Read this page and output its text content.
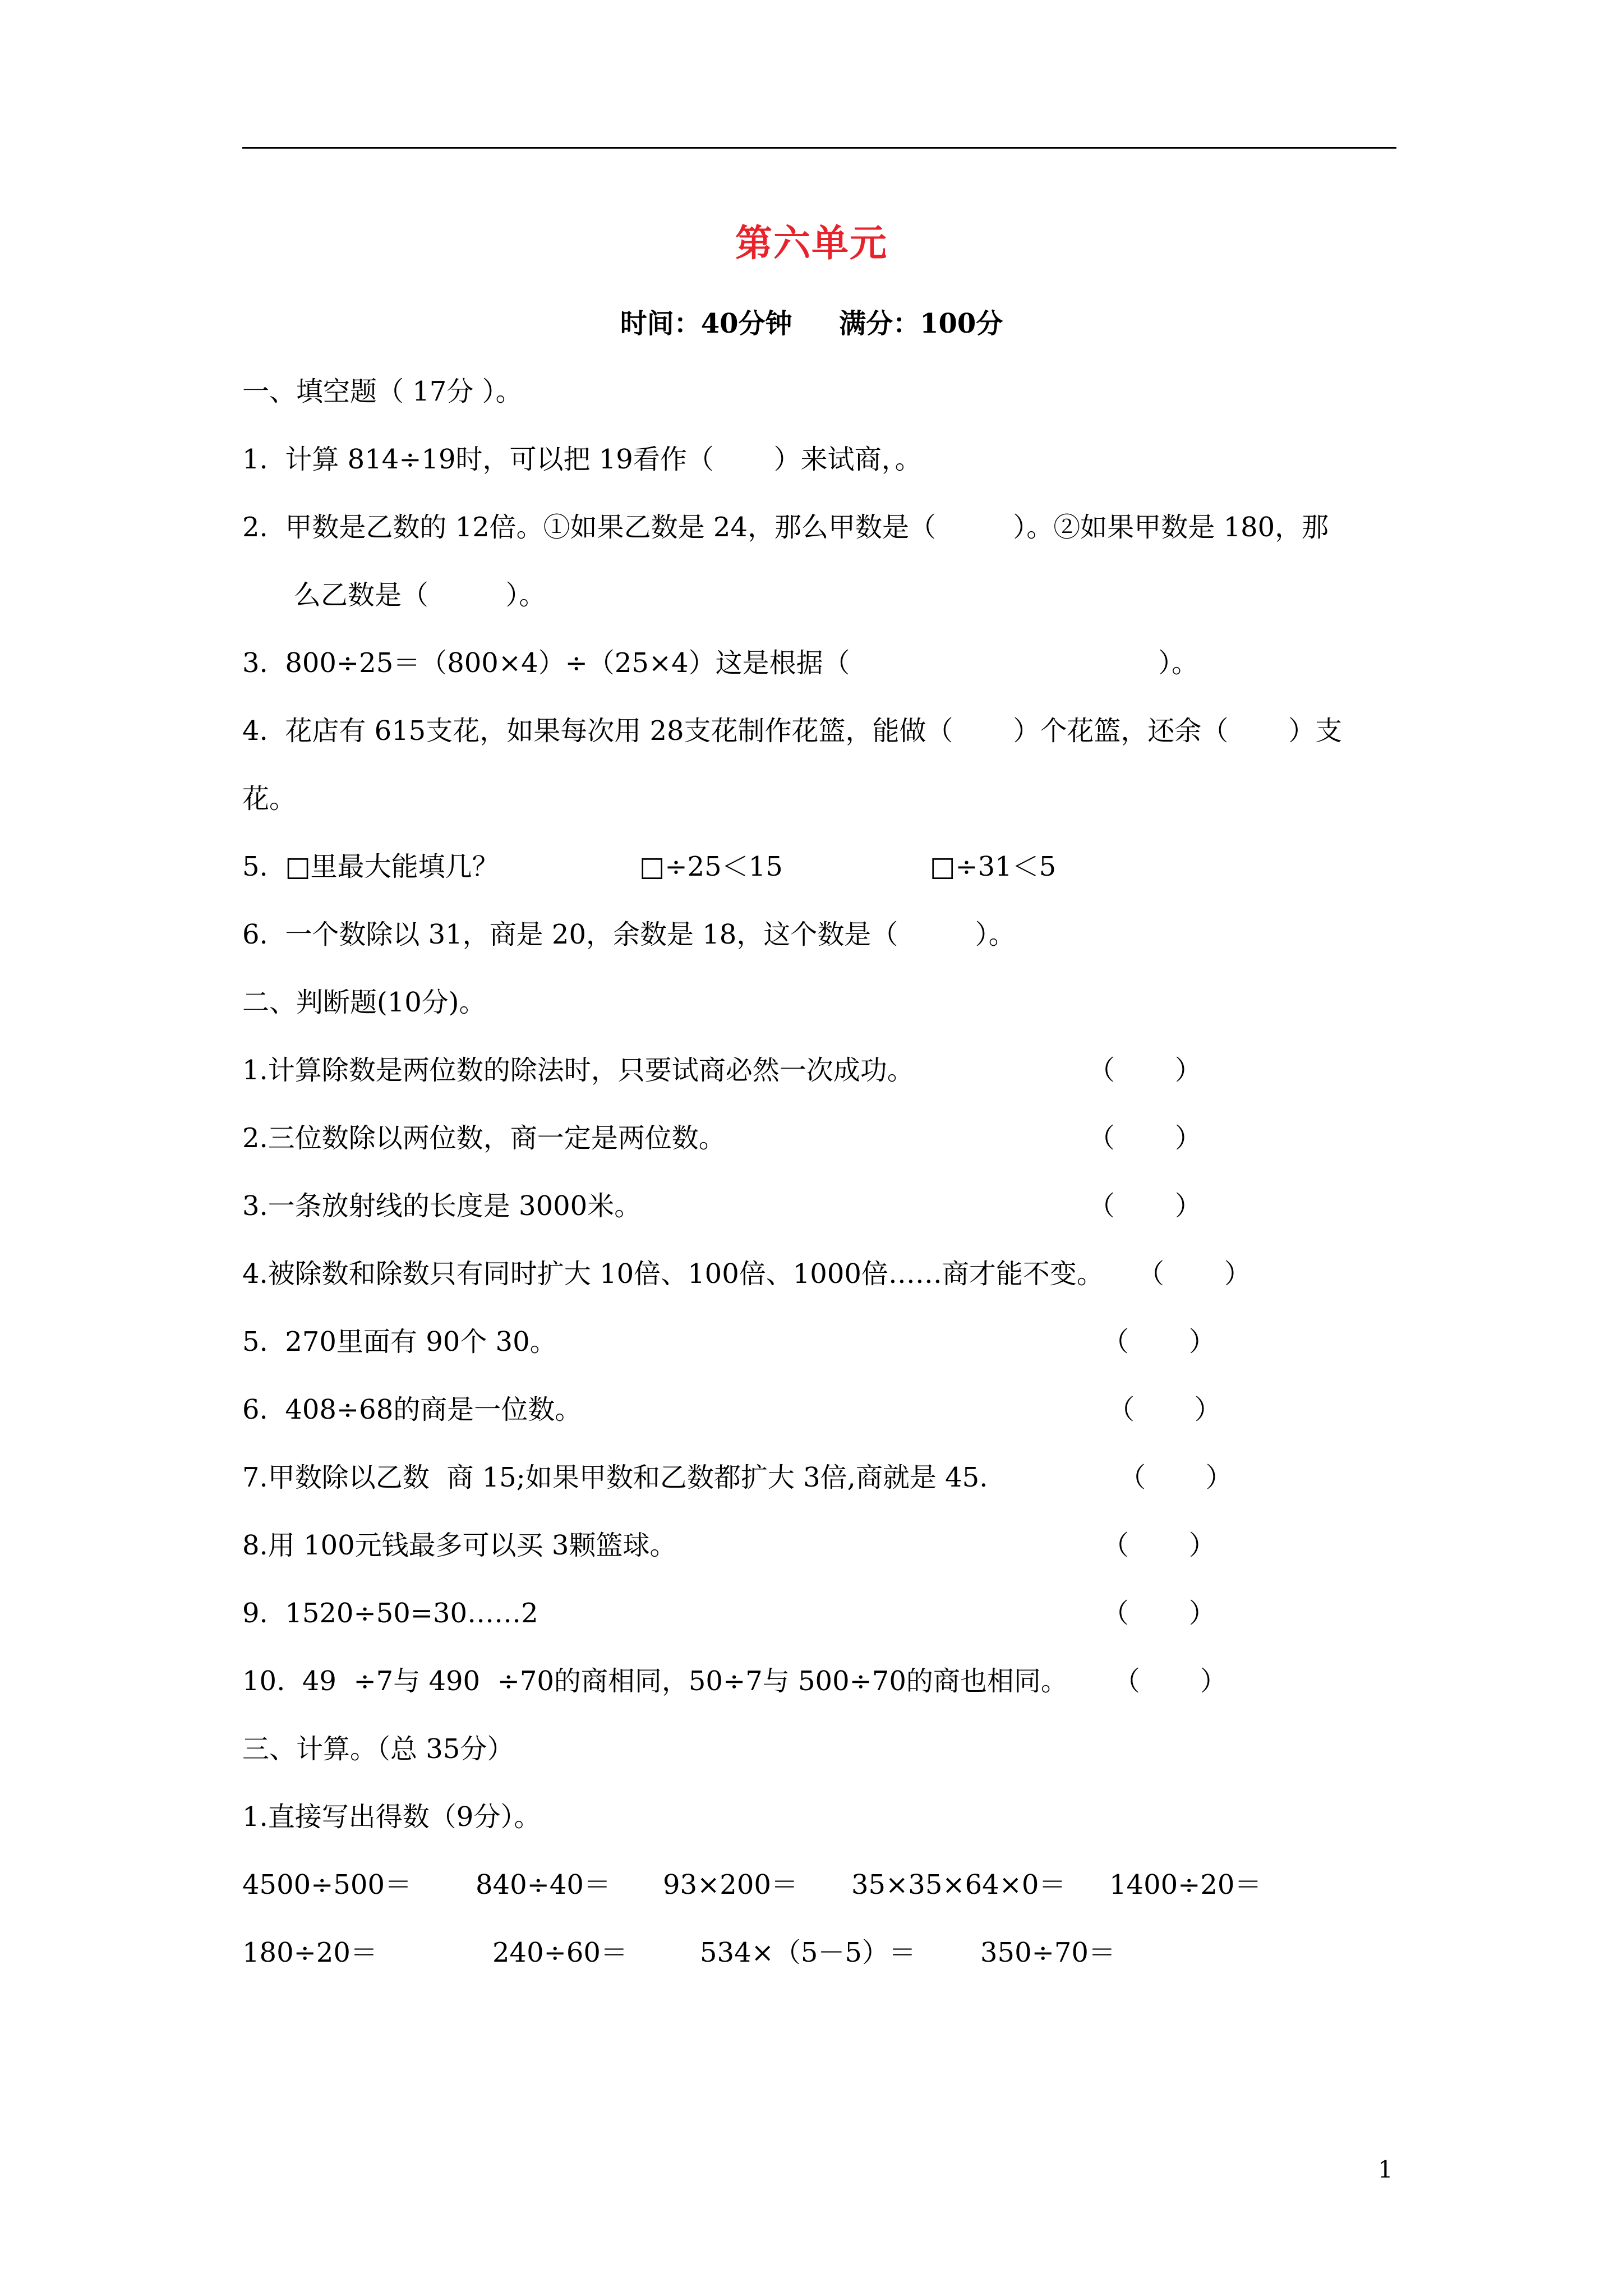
第六单元
时间：40分钟     满分：100分
一、填空题（ 17分 ）。
1.  计算 814÷19时，可以把 19看作（       ）来试商，。
2.  甲数是乙数的 12倍。①如果乙数是 24，那么甲数是（         ）。②如果甲数是 180，那
么乙数是（         ）。
3.  800÷25＝（800×4）÷（25×4）这是根据（                                    ）。
4.  花店有 615支花，如果每次用 28支花制作花篮，能做（       ）个花篮，还余（       ）支
花。
5.  □里最大能填几？	□÷25＜15	□÷31＜5
6.  一个数除以 31，商是 20，余数是 18，这个数是（         ）。
二、判断题(10分)。
1.计算除数是两位数的除法时，只要试商必然一次成功。	（       ）
2.三位数除以两位数，商一定是两位数。	（       ）
3.一条放射线的长度是 3000米。	（       ）
4.被除数和除数只有同时扩大 10倍、100倍、1000倍……商才能不变。 （       ）
5.  270里面有 90个 30。	（       ）
6.  408÷68的商是一位数。	（       ）
7.甲数除以乙数  商 15;如果甲数和乙数都扩大 3倍,商就是 45.	（       ）
8.用 100元钱最多可以买 3颗篮球。	（       ）
9.  1520÷50=30……2	（       ）
10.  49  ÷7与 490  ÷70的商相同，50÷7与 500÷70的商也相同。 （       ）
三、计算。（总 35分）
1.直接写出得数（9分）。
4500÷500＝ 840÷40＝ 93×200＝ 35×35×64×0＝ 1400÷20＝
180÷20＝	240÷60＝	534×（5－5）＝ 350÷70＝
1
